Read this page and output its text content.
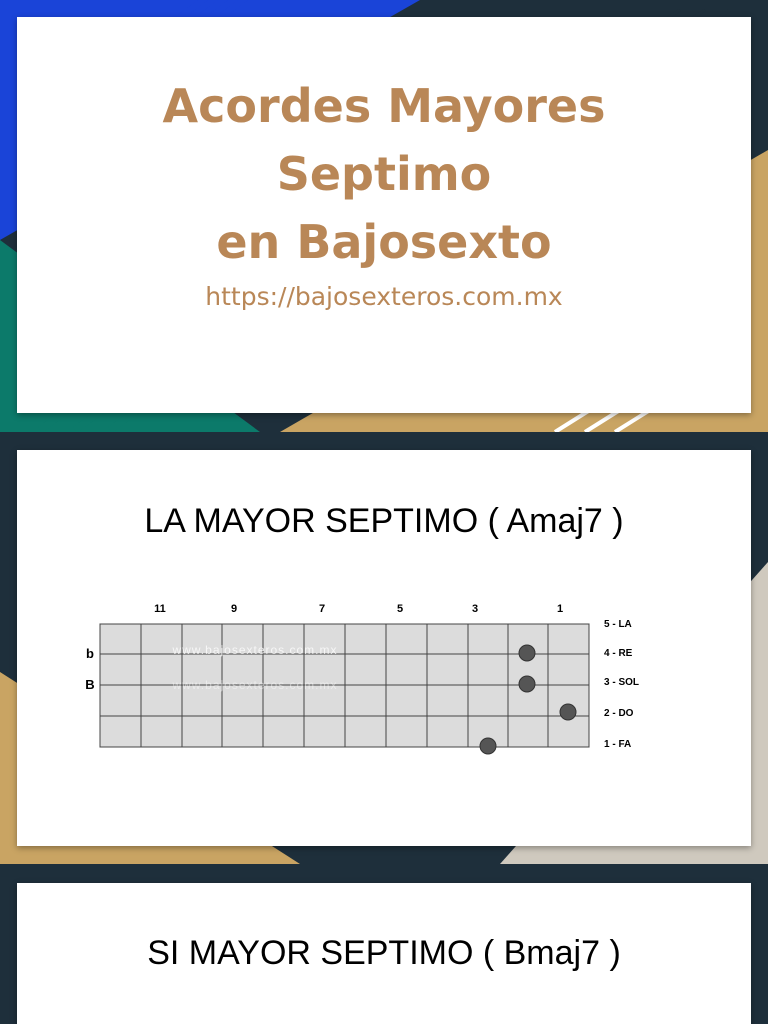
Acordes Mayores
Septimo
en Bajosexto
https://bajosexteros.com.mx
LA MAYOR SEPTIMO ( Amaj7 )
11	9	7	5	3	1
b
B
5 - LA
4 - RE
3 - SOL
2 - DO
1 - FA
www.bajosexteros.com.mx
www.bajosexteros.com.mx
SI MAYOR SEPTIMO ( Bmaj7 )
